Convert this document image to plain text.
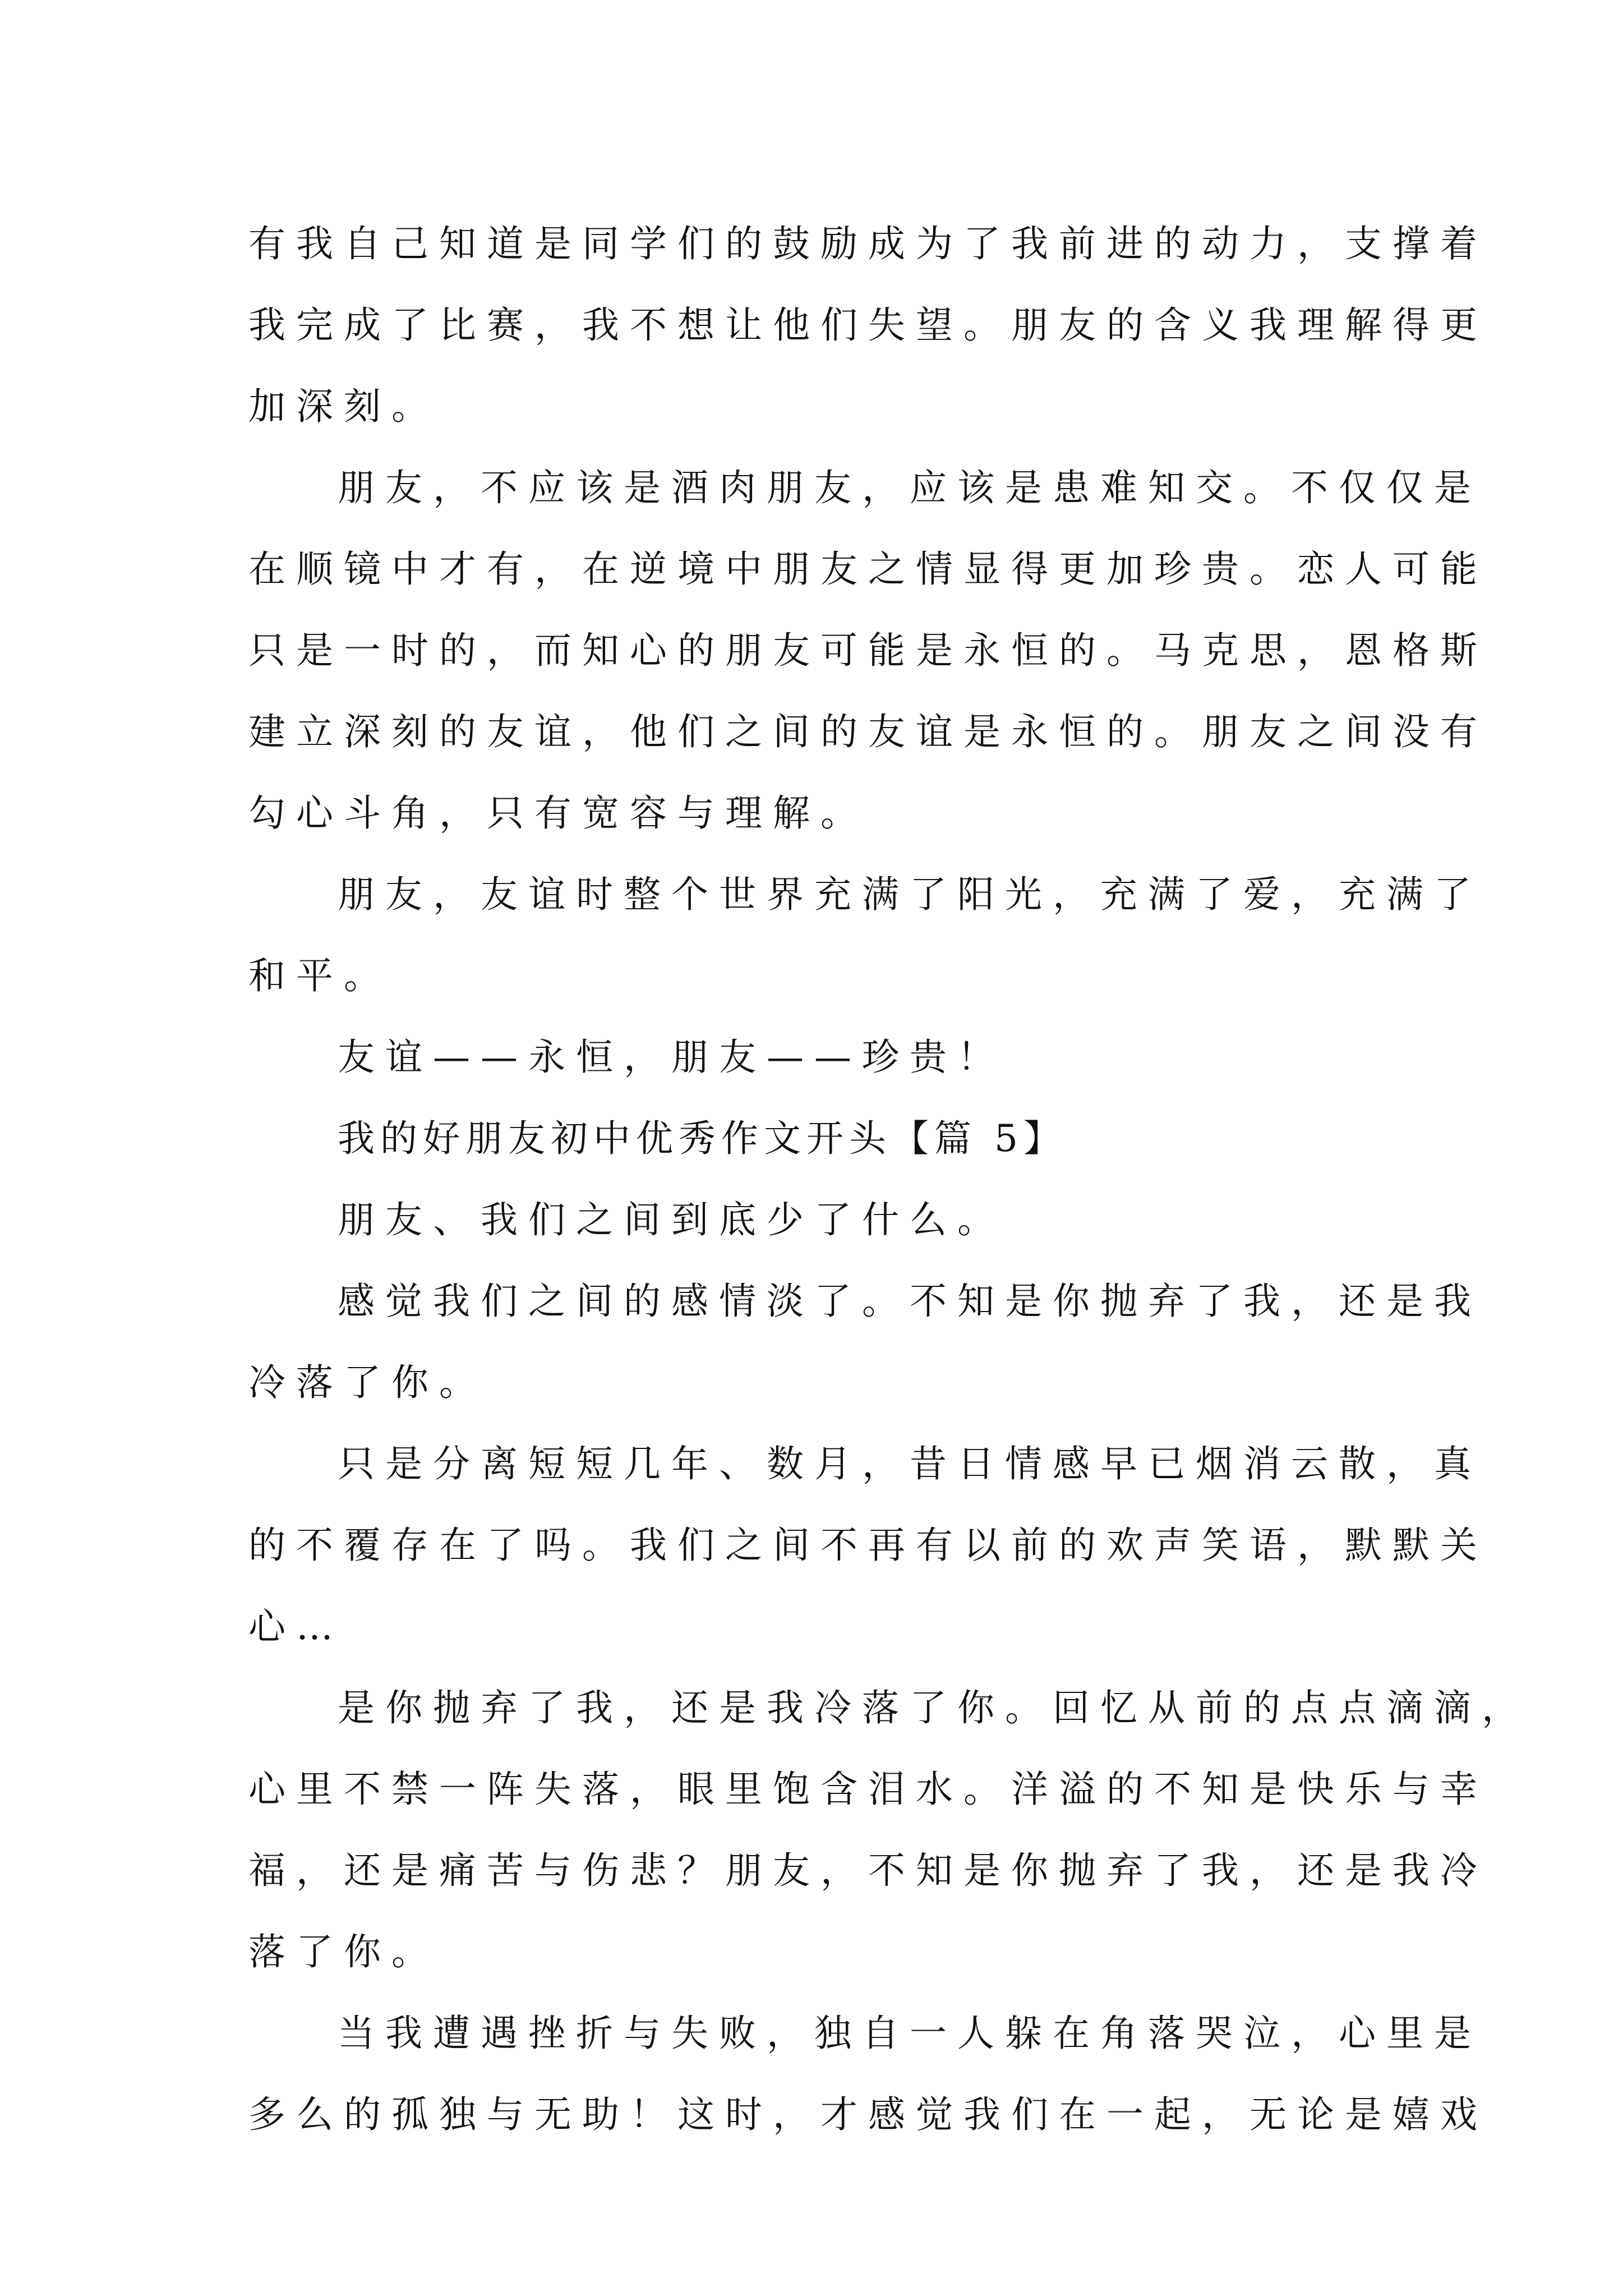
有我自己知道是同学们的鼓励成为了我前进的动力，支撑着
我完成了比赛，我不想让他们失望。朋友的含义我理解得更
加深刻。
朋友，不应该是酒肉朋友，应该是患难知交。不仅仅是
在顺镜中才有，在逆境中朋友之情显得更加珍贵。恋人可能
只是一时的，而知心的朋友可能是永恒的。马克思，恩格斯
建立深刻的友谊，他们之间的友谊是永恒的。朋友之间没有
勾心斗角，只有宽容与理解。
朋友，友谊时整个世界充满了阳光，充满了爱，充满了
和平。
友谊——永恒，朋友——珍贵！
我的好朋友初中优秀作文开头【篇 5】
朋友、我们之间到底少了什么。
感觉我们之间的感情淡了。不知是你抛弃了我，还是我
冷落了你。
只是分离短短几年、数月，昔日情感早已烟消云散，真
的不覆存在了吗。我们之间不再有以前的欢声笑语，默默关
心…
是你抛弃了我，还是我冷落了你。回忆从前的点点滴滴，
心里不禁一阵失落，眼里饱含泪水。洋溢的不知是快乐与幸
福，还是痛苦与伤悲？朋友，不知是你抛弃了我，还是我冷
落了你。
当我遭遇挫折与失败，独自一人躲在角落哭泣，心里是
多么的孤独与无助！这时，才感觉我们在一起，无论是嬉戏
